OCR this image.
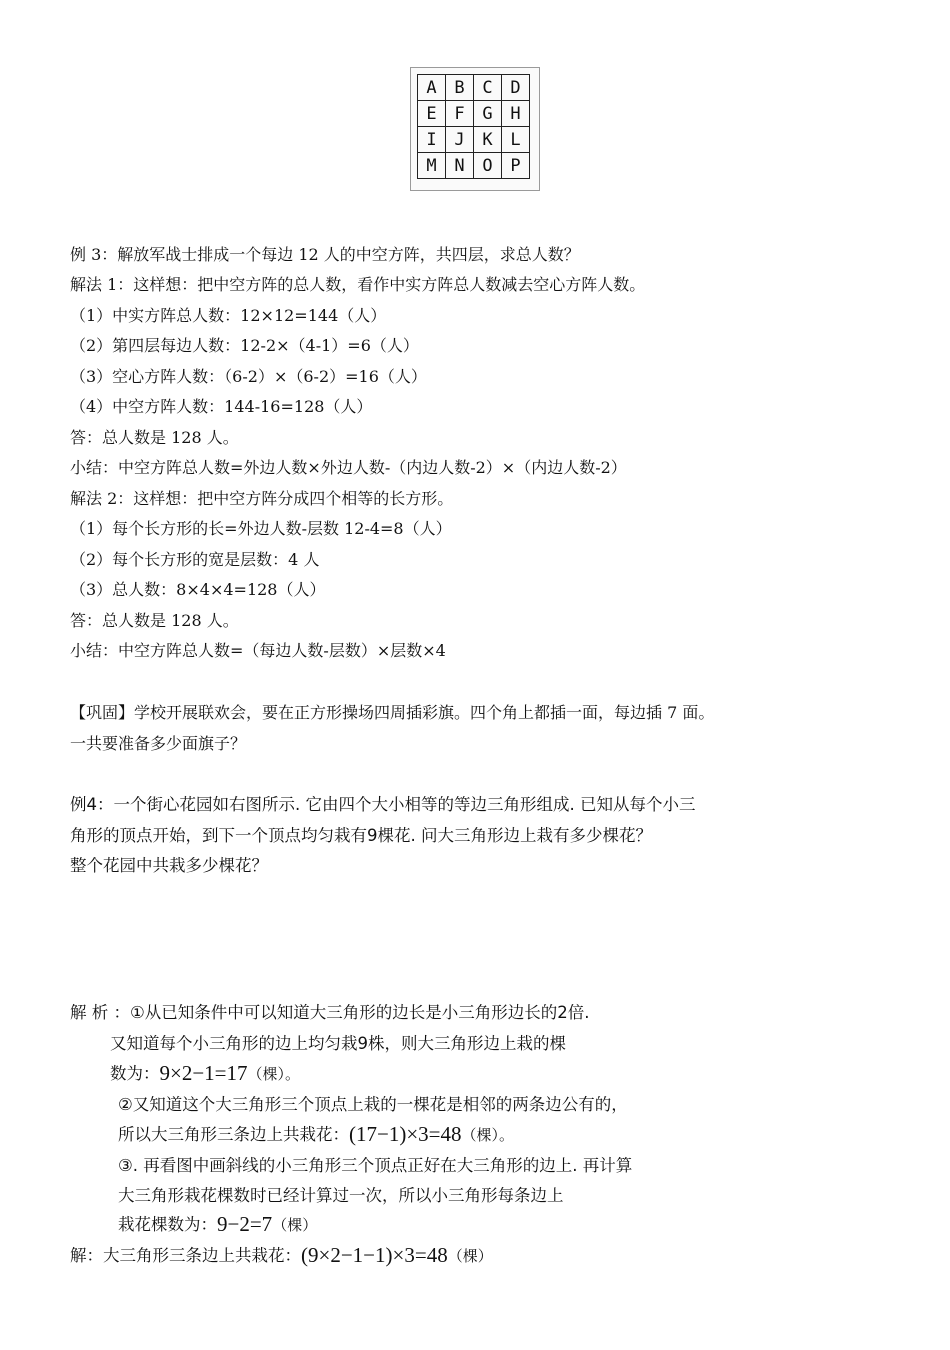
A	B	C	D
E	F	G	H
I	J	K	L
M	N	O	P
例 3：解放军战士排成一个每边 12 人的中空方阵，共四层，求总人数？
解法 1：这样想：把中空方阵的总人数，看作中实方阵总人数减去空心方阵人数。
（1）中实方阵总人数：12×12=144（人）
（2）第四层每边人数：12-2×（4-1）=6（人）
（3）空心方阵人数：（6-2）×（6-2）=16（人）
（4）中空方阵人数：144-16=128（人）
答：总人数是 128 人。
小结：中空方阵总人数=外边人数×外边人数-（内边人数-2）×（内边人数-2）
解法 2：这样想：把中空方阵分成四个相等的长方形。
（1）每个长方形的长=外边人数-层数 12-4=8（人）
（2）每个长方形的宽是层数：4 人
（3）总人数：8×4×4=128（人）
答：总人数是 128 人。
小结：中空方阵总人数=（每边人数-层数）×层数×4
【巩固】学校开展联欢会，要在正方形操场四周插彩旗。四个角上都插一面，每边插 7 面。
一共要准备多少面旗子？
例4：一个街心花园如右图所示. 它由四个大小相等的等边三角形组成. 已知从每个小三
角形的顶点开始，到下一个顶点均匀栽有9棵花. 问大三角形边上栽有多少棵花？
整个花园中共栽多少棵花？
解 析 ：①从已知条件中可以知道大三角形的边长是小三角形边长的2倍.
又知道每个小三角形的边上均匀栽9株，则大三角形边上栽的棵
数为：9×2−1=17（棵）。
②又知道这个大三角形三个顶点上栽的一棵花是相邻的两条边公有的，
所以大三角形三条边上共栽花：(17−1)×3=48（棵）。
③. 再看图中画斜线的小三角形三个顶点正好在大三角形的边上. 再计算
大三角形栽花棵数时已经计算过一次，所以小三角形每条边上
栽花棵数为：9−2=7（棵）
解：大三角形三条边上共栽花：(9×2−1−1)×3=48（棵）
